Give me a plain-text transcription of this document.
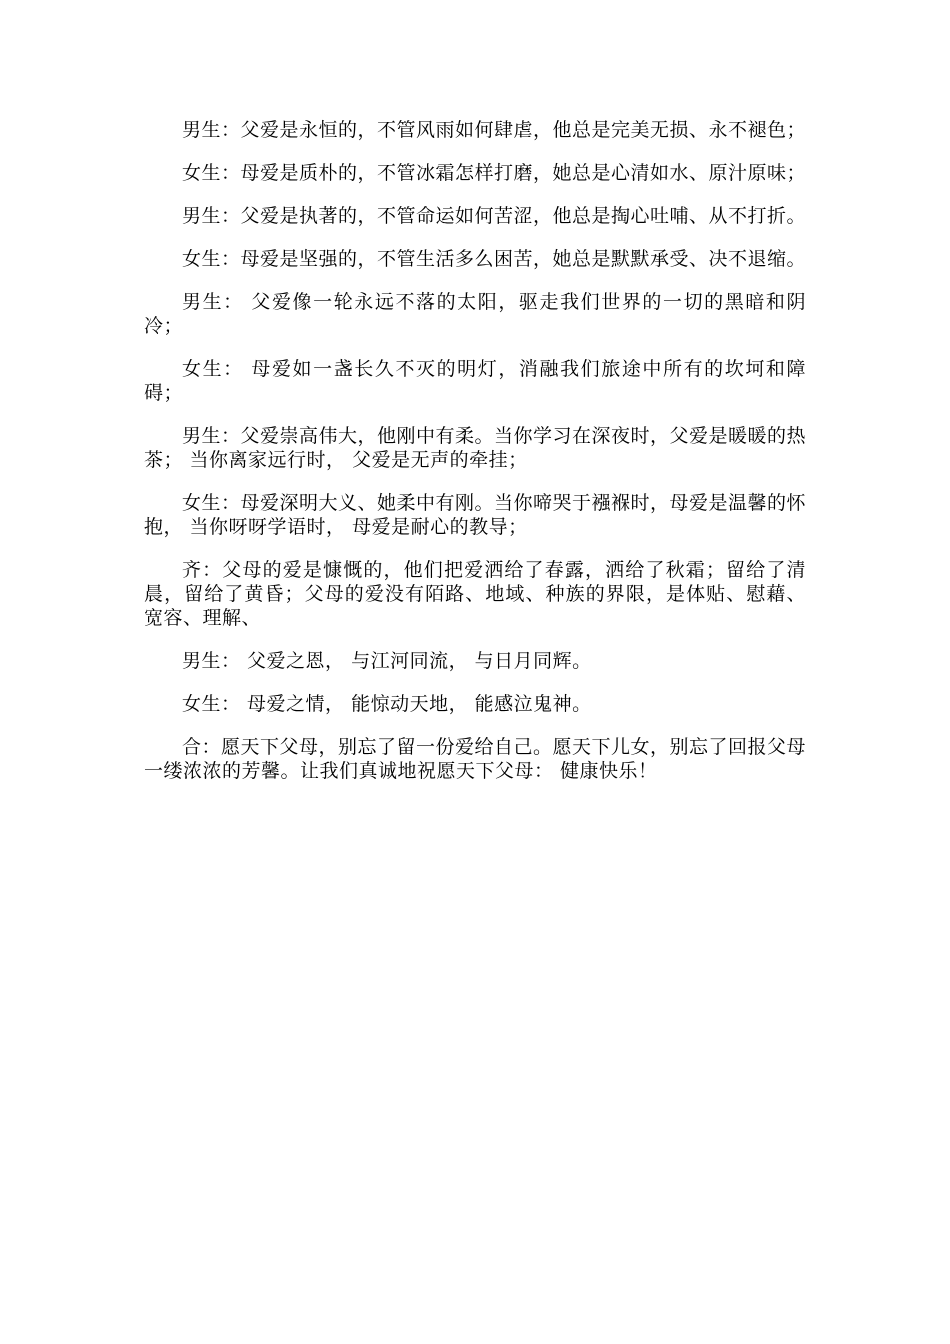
男生：父爱是永恒的，不管风雨如何肆虐，他总是完美无损、永不褪色；

女生：母爱是质朴的，不管冰霜怎样打磨，她总是心清如水、原汁原味；

男生：父爱是执著的，不管命运如何苦涩，他总是掏心吐哺、从不打折。

女生：母爱是坚强的，不管生活多么困苦，她总是默默承受、决不退缩。

男生： 父爱像一轮永远不落的太阳，驱走我们世界的一切的黑暗和阴冷；

女生： 母爱如一盏长久不灭的明灯，消融我们旅途中所有的坎坷和障碍；

男生：父爱崇高伟大，他刚中有柔。当你学习在深夜时，父爱是暖暖的热茶； 当你离家远行时， 父爱是无声的牵挂；

女生：母爱深明大义、她柔中有刚。当你啼哭于襁褓时，母爱是温馨的怀抱， 当你呀呀学语时， 母爱是耐心的教导；

齐：父母的爱是慷慨的，他们把爱洒给了春露，洒给了秋霜；留给了清晨，留给了黄昏；父母的爱没有陌路、地域、种族的界限，是体贴、慰藉、宽容、理解、

男生： 父爱之恩， 与江河同流， 与日月同辉。

女生： 母爱之情， 能惊动天地， 能感泣鬼神。

合：愿天下父母，别忘了留一份爱给自己。愿天下儿女，别忘了回报父母一缕浓浓的芳馨。让我们真诚地祝愿天下父母： 健康快乐！
